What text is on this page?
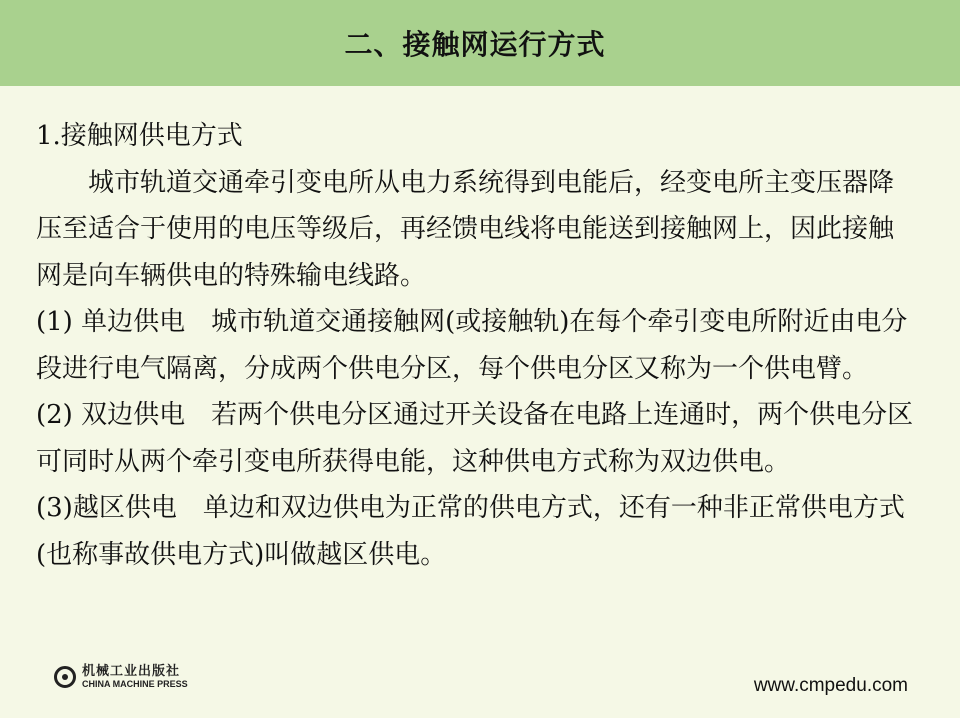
二、接触网运行方式

1.接触网供电方式

城市轨道交通牵引变电所从电力系统得到电能后，经变电所主变压器降压至适合于使用的电压等级后，再经馈电线将电能送到接触网上，因此接触网是向车辆供电的特殊输电线路。

(1) 单边供电　城市轨道交通接触网(或接触轨)在每个牵引变电所附近由电分段进行电气隔离，分成两个供电分区，每个供电分区又称为一个供电臂。

(2) 双边供电　若两个供电分区通过开关设备在电路上连通时，两个供电分区可同时从两个牵引变电所获得电能，这种供电方式称为双边供电。

(3)越区供电　单边和双边供电为正常的供电方式，还有一种非正常供电方式(也称事故供电方式)叫做越区供电。

机械工业出版社
CHINA MACHINE PRESS	www.cmpedu.com
